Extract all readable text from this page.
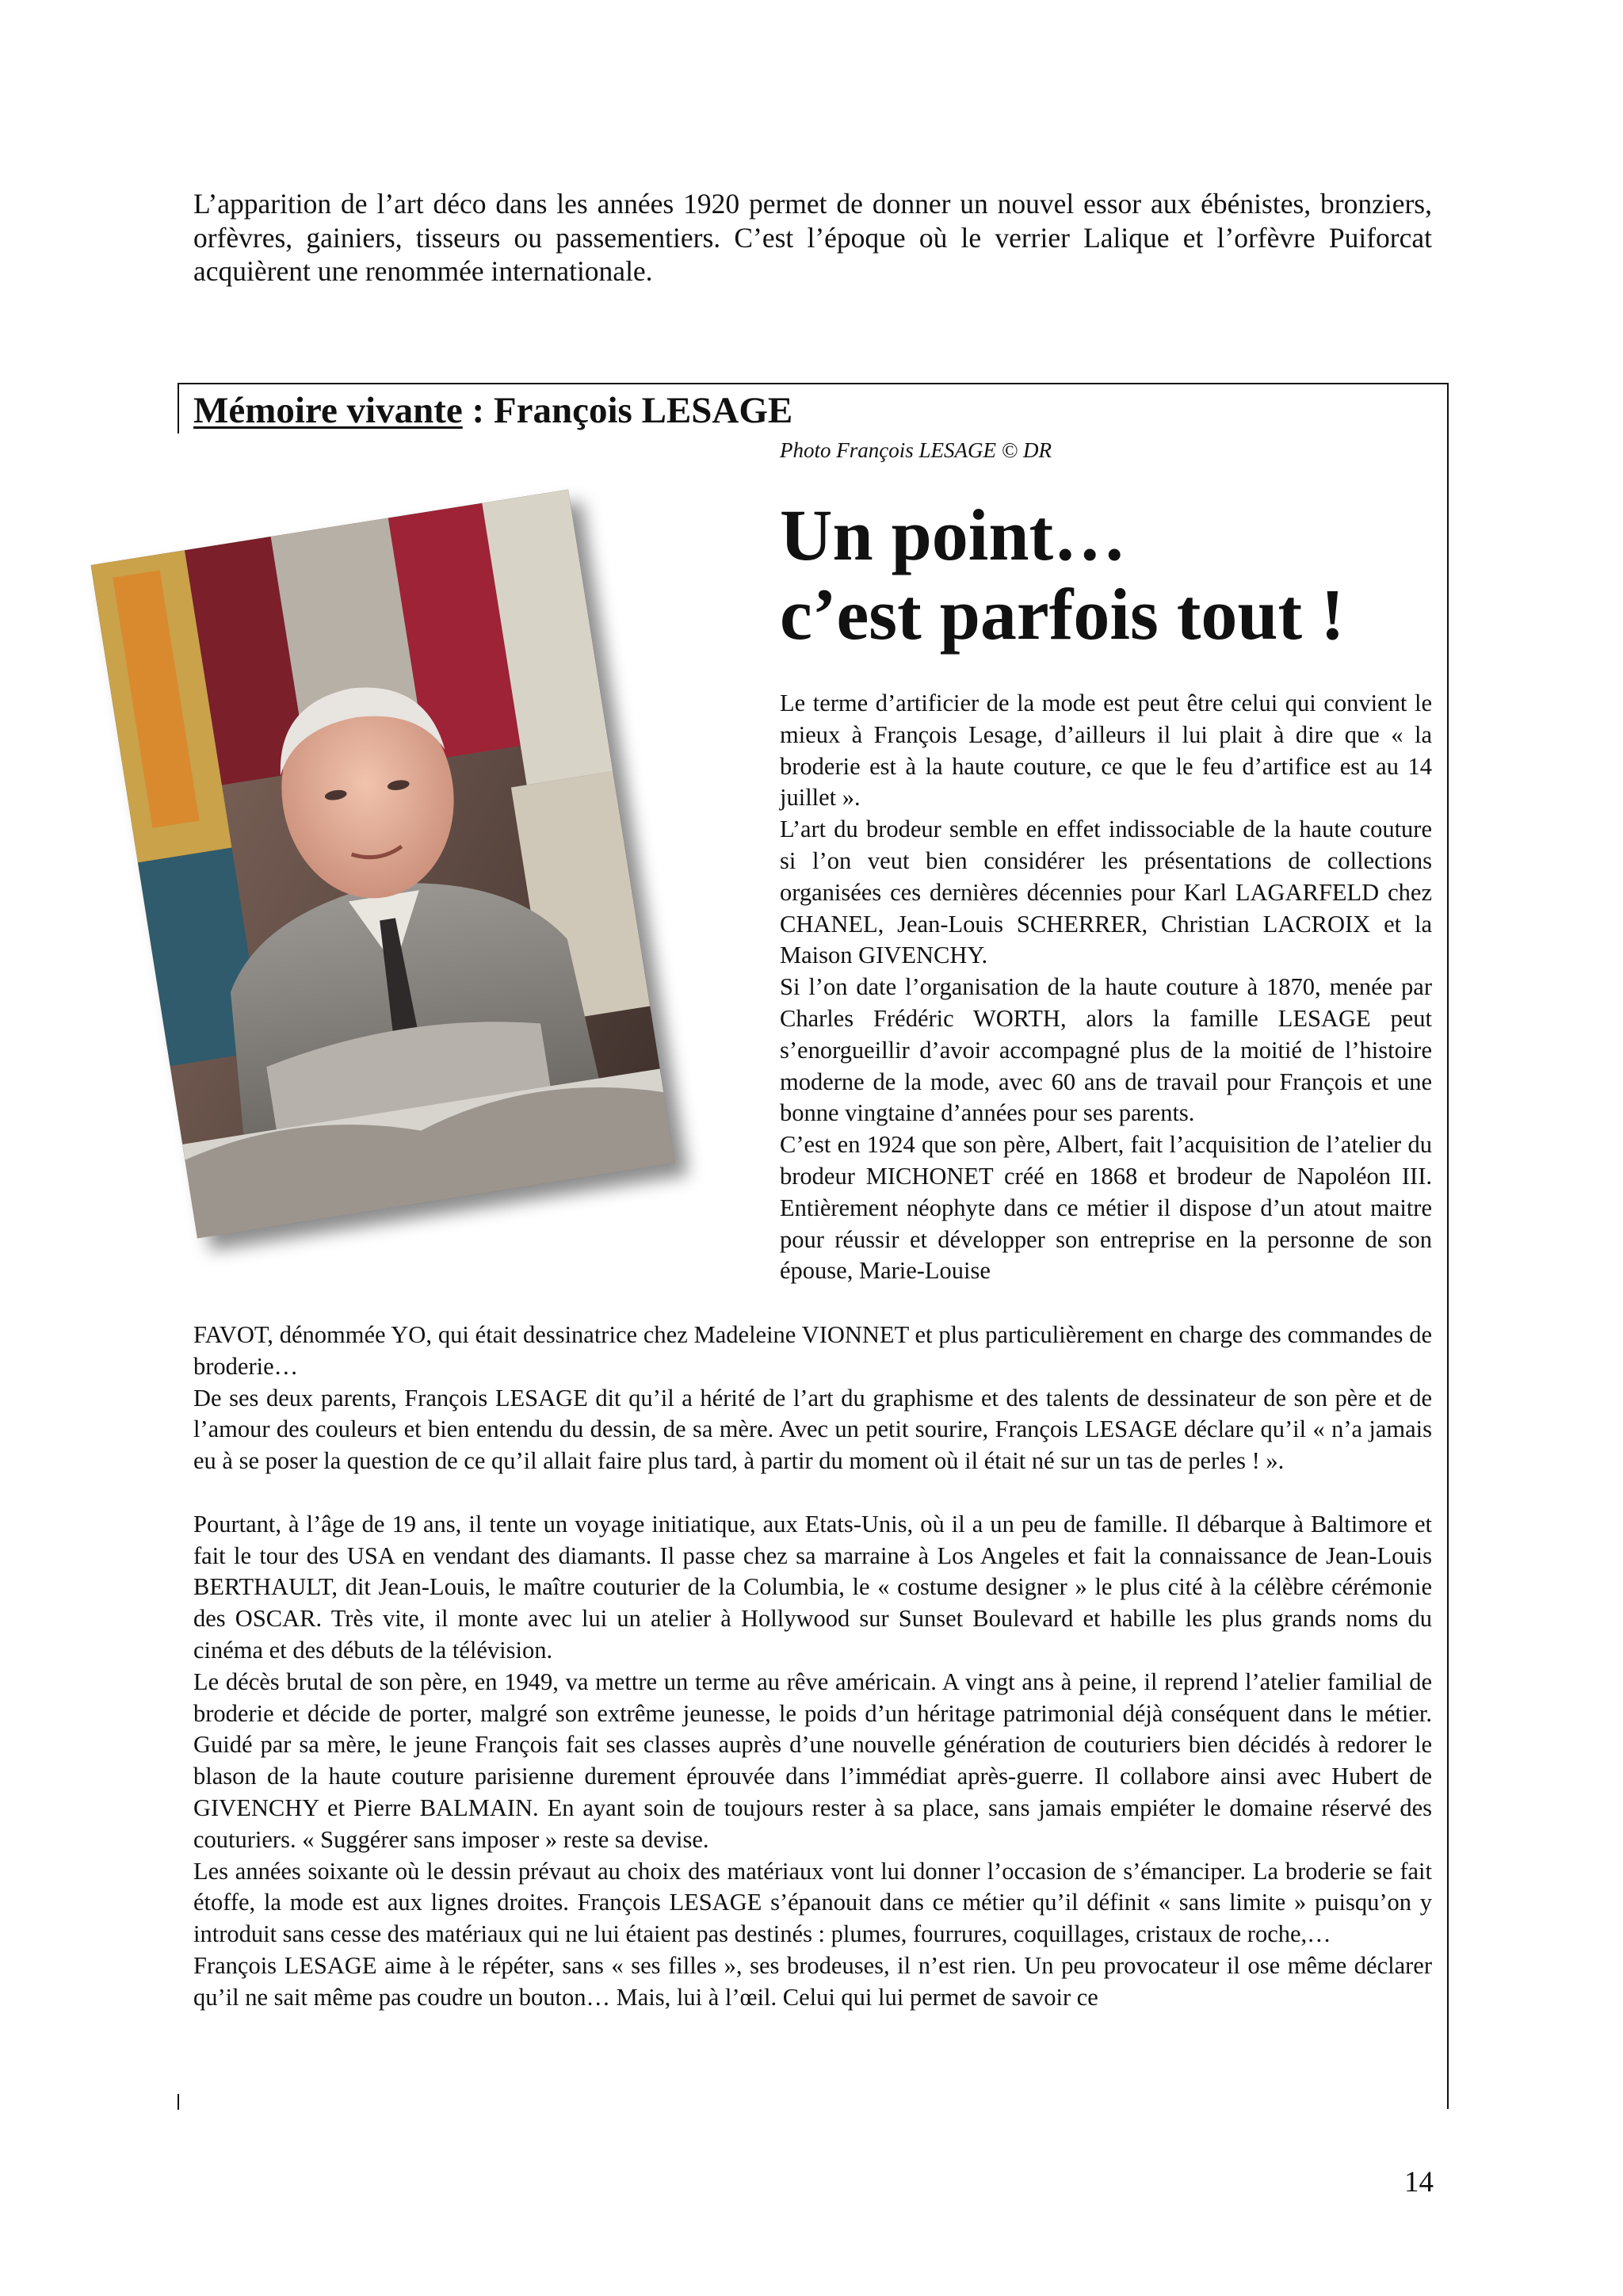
L’apparition de l’art déco dans les années 1920 permet de donner un nouvel essor aux ébénistes, bronziers, orfèvres, gainiers, tisseurs ou passementiers. C’est l’époque où le verrier Lalique et l’orfèvre Puiforcat acquièrent une renommée internationale.

Mémoire vivante : François LESAGE

Photo François LESAGE © DR

Un point…
c’est parfois tout !

Le terme d’artificier de la mode est peut être celui qui convient le mieux à François Lesage, d’ailleurs il lui plait à dire que « la broderie est à la haute couture, ce que le feu d’artifice est au 14 juillet ».

L’art du brodeur semble en effet indissociable de la haute couture si l’on veut bien considérer les présentations de collections organisées ces dernières décennies pour Karl LAGARFELD chez CHANEL, Jean-Louis SCHERRER, Christian LACROIX et la Maison GIVENCHY.

Si l’on date l’organisation de la haute couture à 1870, menée par Charles Frédéric WORTH, alors la famille LESAGE peut s’enorgueillir d’avoir accompagné plus de la moitié de l’histoire moderne de la mode, avec 60 ans de travail pour François et une bonne vingtaine d’années pour ses parents.

C’est en 1924 que son père, Albert, fait l’acquisition de l’atelier du brodeur MICHONET créé en 1868 et brodeur de Napoléon III. Entièrement néophyte dans ce métier il dispose d’un atout maitre pour réussir et développer son entreprise en la personne de son épouse, Marie-Louise

FAVOT, dénommée YO, qui était dessinatrice chez Madeleine VIONNET et plus particulièrement en charge des commandes de broderie…

De ses deux parents, François LESAGE dit qu’il a hérité de l’art du graphisme et des talents de dessinateur de son père et de l’amour des couleurs et bien entendu du dessin, de sa mère. Avec un petit sourire, François LESAGE déclare qu’il « n’a jamais eu à se poser la question de ce qu’il allait faire plus tard, à partir du moment où il était né sur un tas de perles ! ».

Pourtant, à l’âge de 19 ans, il tente un voyage initiatique, aux Etats-Unis, où il a un peu de famille. Il débarque à Baltimore et fait le tour des USA en vendant des diamants. Il passe chez sa marraine à Los Angeles et fait la connaissance de Jean-Louis BERTHAULT, dit Jean-Louis, le maître couturier de la Columbia, le « costume designer » le plus cité à la célèbre cérémonie des OSCAR. Très vite, il monte avec lui un atelier à Hollywood sur Sunset Boulevard et habille les plus grands noms du cinéma et des débuts de la télévision.

Le décès brutal de son père, en 1949, va mettre un terme au rêve américain. A vingt ans à peine, il reprend l’atelier familial de broderie et décide de porter, malgré son extrême jeunesse, le poids d’un héritage patrimonial déjà conséquent dans le métier. Guidé par sa mère, le jeune François fait ses classes auprès d’une nouvelle génération de couturiers bien décidés à redorer le blason de la haute couture parisienne durement éprouvée dans l’immédiat après-guerre. Il collabore ainsi avec Hubert de GIVENCHY et Pierre BALMAIN. En ayant soin de toujours rester à sa place, sans jamais empiéter le domaine réservé des couturiers. « Suggérer sans imposer » reste sa devise.

Les années soixante où le dessin prévaut au choix des matériaux vont lui donner l’occasion de s’émanciper. La broderie se fait étoffe, la mode est aux lignes droites. François LESAGE s’épanouit dans ce métier qu’il définit « sans limite » puisqu’on y introduit sans cesse des matériaux qui ne lui étaient pas destinés : plumes, fourrures, coquillages, cristaux de roche,…

François LESAGE aime à le répéter, sans « ses filles », ses brodeuses, il n’est rien. Un peu provocateur il ose même déclarer qu’il ne sait même pas coudre un bouton… Mais, lui à l’œil. Celui qui lui permet de savoir ce

14
